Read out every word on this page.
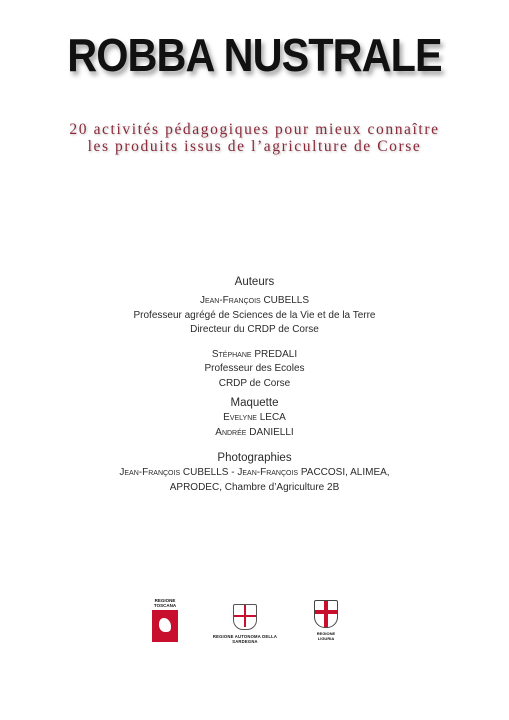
ROBBA NUSTRALE
20 activités pédagogiques pour mieux connaître
les produits issus de l’agriculture de Corse
Auteurs
Jean-François CUBELLS
Professeur agrégé de Sciences de la Vie et de la Terre
Directeur du CRDP de Corse
Stéphane PREDALI
Professeur des Ecoles
CRDP de Corse
Maquette
Evelyne LECA
Andrée DANIELLI
Photographies
Jean-François CUBELLS - Jean-François PACCOSI, ALIMEA,
APRODEC, Chambre d’Agriculture 2B
REGIONE TOSCANA
REGIONE AUTONOMA DELLA SARDEGNA
REGIONE LIGURIA
